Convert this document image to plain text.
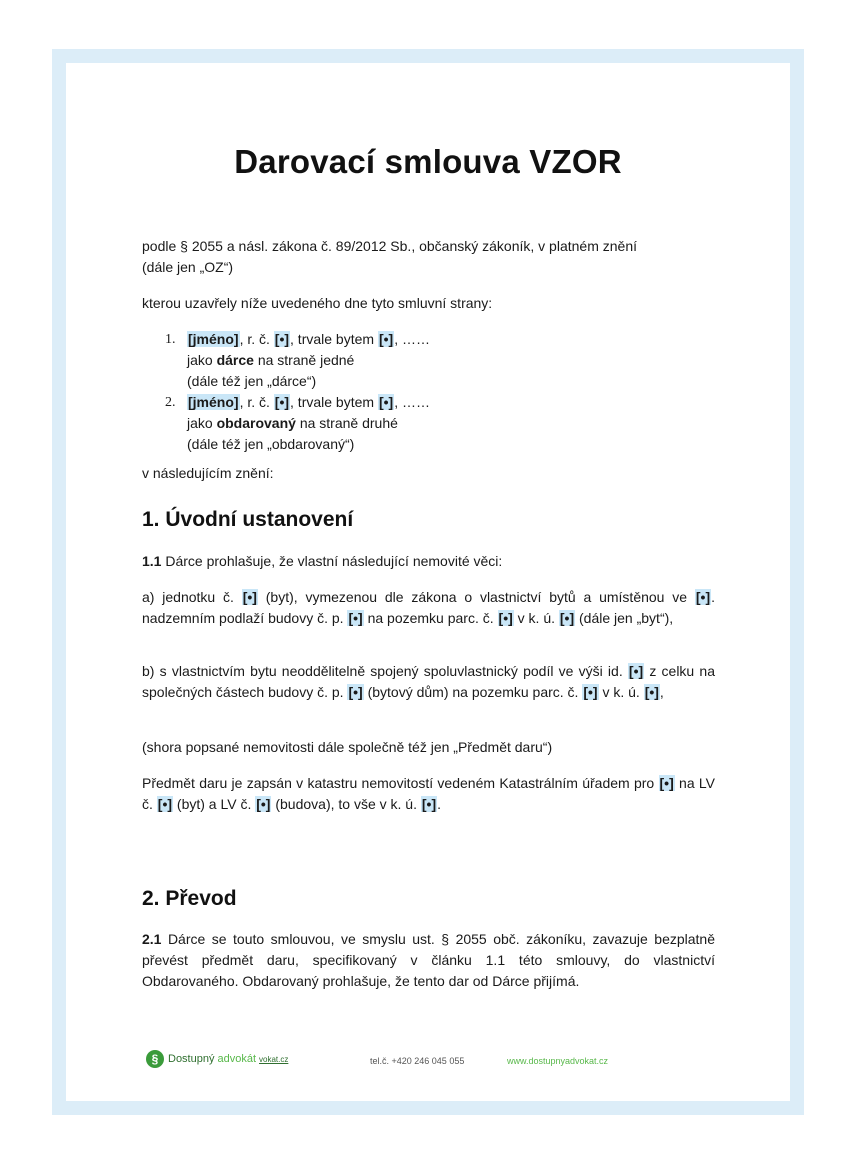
Darovací smlouva VZOR

podle § 2055 a násl. zákona č. 89/2012 Sb., občanský zákoník, v platném znění

(dále jen „OZ“)

kterou uzavřely níže uvedeného dne tyto smluvní strany:

1. [jméno], r. č. [•], trvale bytem [•], ……
jako dárce na straně jedné
(dále též jen „dárce“)
2. [jméno], r. č. [•], trvale bytem [•], ……
jako obdarovaný na straně druhé
(dále též jen „obdarovaný“)

v následujícím znění:

1. Úvodní ustanovení

1.1 Dárce prohlašuje, že vlastní následující nemovité věci:

a) jednotku č. [•] (byt), vymezenou dle zákona o vlastnictví bytů a umístěnou ve [•]. nadzemním podlaží budovy č. p. [•] na pozemku parc. č. [•] v k. ú. [•] (dále jen „byt“),

b) s vlastnictvím bytu neoddělitelně spojený spoluvlastnický podíl ve výši id. [•] z celku na společných částech budovy č. p. [•] (bytový dům) na pozemku parc. č. [•] v k. ú. [•],

(shora popsané nemovitosti dále společně též jen „Předmět daru“)

Předmět daru je zapsán v katastru nemovitostí vedeném Katastrálním úřadem pro [•] na LV č. [•] (byt) a LV č. [•] (budova), to vše v k. ú. [•].

2. Převod

2.1 Dárce se touto smlouvou, ve smyslu ust. § 2055 obč. zákoníku, zavazuje bezplatně převést předmět daru, specifikovaný v článku 1.1 této smlouvy, do vlastnictví Obdarovaného. Obdarovaný prohlašuje, že tento dar od Dárce přijímá.

§ Dostupný advokát vokat.cz	tel.č. +420 246 045 055	www.dostupnyadvokat.cz
